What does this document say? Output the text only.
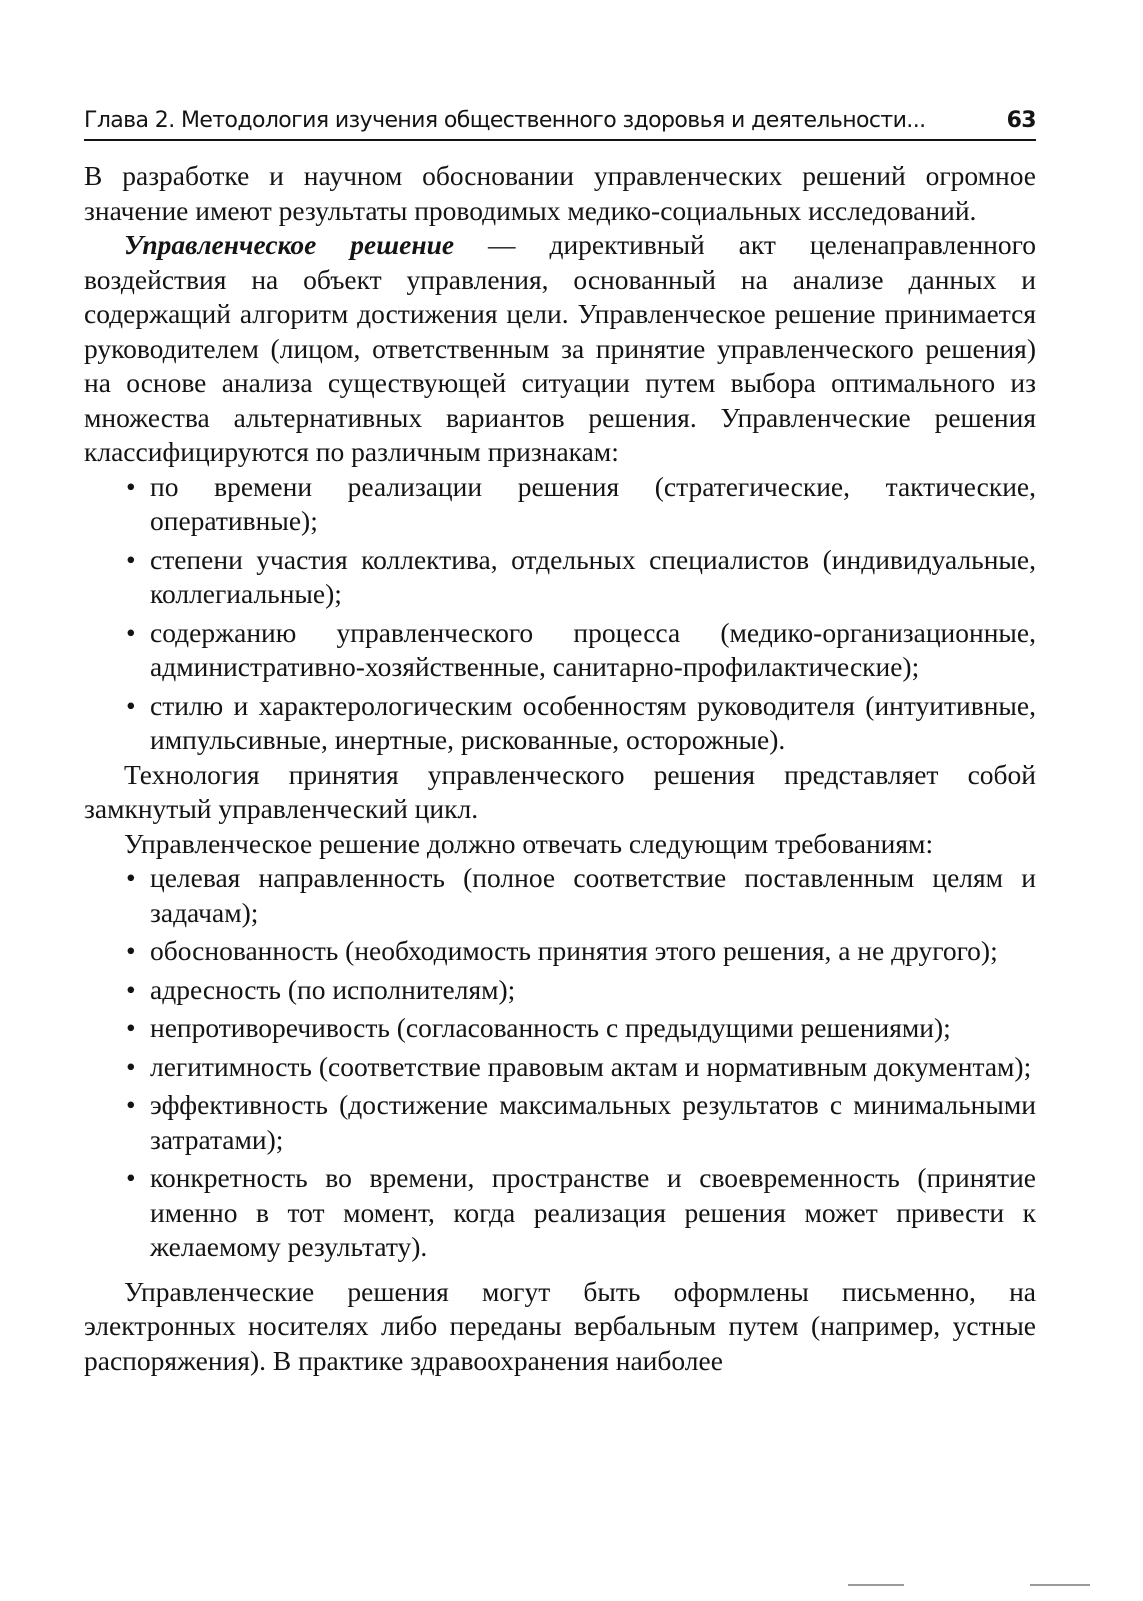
Глава 2. Методология изучения общественного здоровья и деятельности...	63

В разработке и научном обосновании управленческих решений огромное значение имеют результаты проводимых медико-социальных исследований.

Управленческое решение — директивный акт целенаправленного воздействия на объект управления, основанный на анализе данных и содержащий алгоритм достижения цели. Управленческое решение принимается руководителем (лицом, ответственным за принятие управленческого решения) на основе анализа существующей ситуации путем выбора оптимального из множества альтернативных вариантов решения. Управленческие решения классифицируются по различным признакам:

• по времени реализации решения (стратегические, тактические, оперативные);
• степени участия коллектива, отдельных специалистов (индивидуальные, коллегиальные);
• содержанию управленческого процесса (медико-организационные, административно-хозяйственные, санитарно-профилактические);
• стилю и характерологическим особенностям руководителя (интуитивные, импульсивные, инертные, рискованные, осторожные).

Технология принятия управленческого решения представляет собой замкнутый управленческий цикл.

Управленческое решение должно отвечать следующим требованиям:

• целевая направленность (полное соответствие поставленным целям и задачам);
• обоснованность (необходимость принятия этого решения, а не другого);
• адресность (по исполнителям);
• непротиворечивость (согласованность с предыдущими решениями);
• легитимность (соответствие правовым актам и нормативным документам);
• эффективность (достижение максимальных результатов с минимальными затратами);
• конкретность во времени, пространстве и своевременность (принятие именно в тот момент, когда реализация решения может привести к желаемому результату).

Управленческие решения могут быть оформлены письменно, на электронных носителях либо переданы вербальным путем (например, устные распоряжения). В практике здравоохранения наиболее
